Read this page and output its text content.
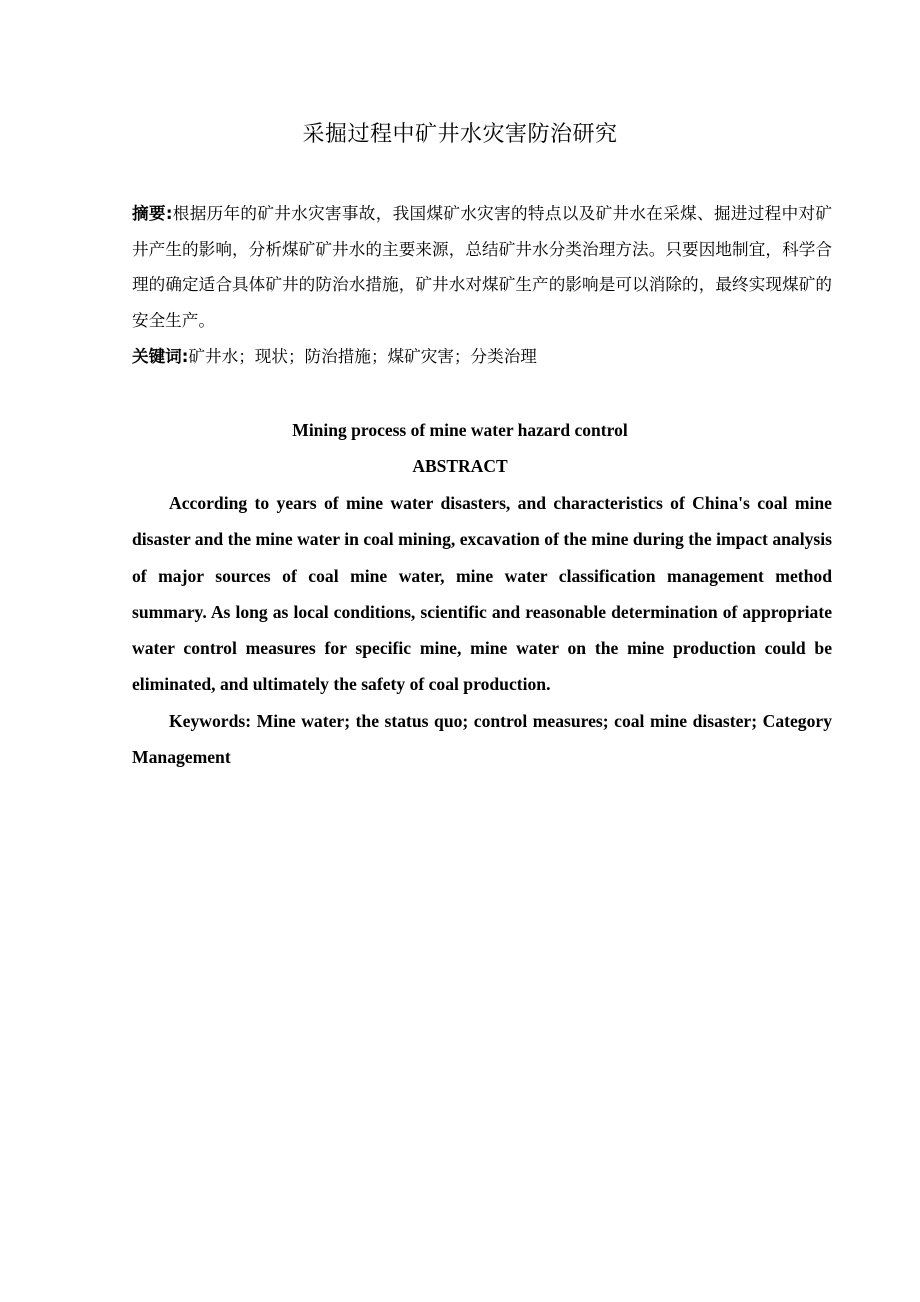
采掘过程中矿井水灾害防治研究
摘要:根据历年的矿井水灾害事故，我国煤矿水灾害的特点以及矿井水在采煤、掘进过程中对矿井产生的影响，分析煤矿矿井水的主要来源，总结矿井水分类治理方法。只要因地制宜，科学合理的确定适合具体矿井的防治水措施，矿井水对煤矿生产的影响是可以消除的，最终实现煤矿的安全生产。
关键词:矿井水；现状；防治措施；煤矿灾害；分类治理
Mining process of mine water hazard control
ABSTRACT

According to years of mine water disasters, and characteristics of China's coal mine disaster and the mine water in coal mining, excavation of the mine during the impact analysis of major sources of coal mine water, mine water classification management method summary. As long as local conditions, scientific and reasonable determination of appropriate water control measures for specific mine, mine water on the mine production could be eliminated, and ultimately the safety of coal production.

Keywords: Mine water; the status quo; control measures; coal mine disaster; Category Management
